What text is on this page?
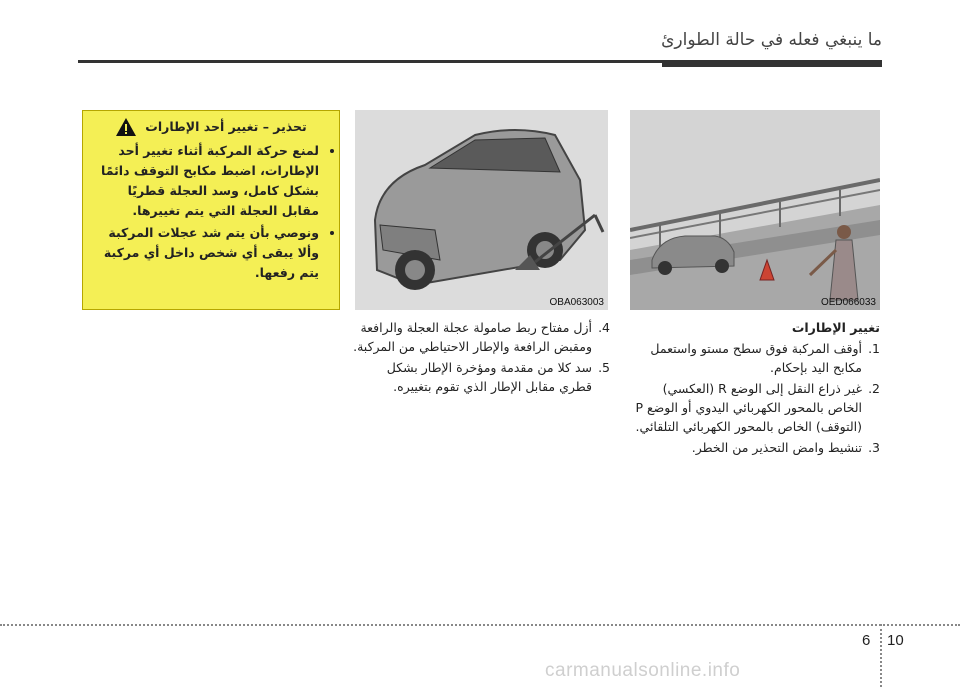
ما ينبغي فعله في حالة الطوارئ
OED066033
OBA063003
تحذير – تغيير أحد الإطارات
• لمنع حركة المركبة أثناء تغيير أحد الإطارات، اضبط مكابح التوقف دائمًا بشكل كامل، وسد العجلة قطريًا مقابل العجلة التي يتم تغييرها.
• ونوصي بأن يتم شد عجلات المركبة وألا يبقى أي شخص داخل أي مركبة يتم رفعها.
تغيير الإطارات
1.
أوقف المركبة فوق سطح مستو واستعمل مكابح اليد بإحكام.
2.
غير ذراع النقل إلى الوضع R (العكسي) الخاص بالمحور الكهربائي اليدوي أو الوضع P (التوقف) الخاص بالمحور الكهربائي التلقائي.
3.
تنشيط وامض التحذير من الخطر.
4.
أزل مفتاح ربط صامولة عجلة العجلة والرافعة ومقبض الرافعة والإطار الاحتياطي من المركبة.
5.
سد كلا من مقدمة ومؤخرة الإطار بشكل قطري مقابل الإطار الذي تقوم بتغييره.
6 10
carmanualsonline.info
